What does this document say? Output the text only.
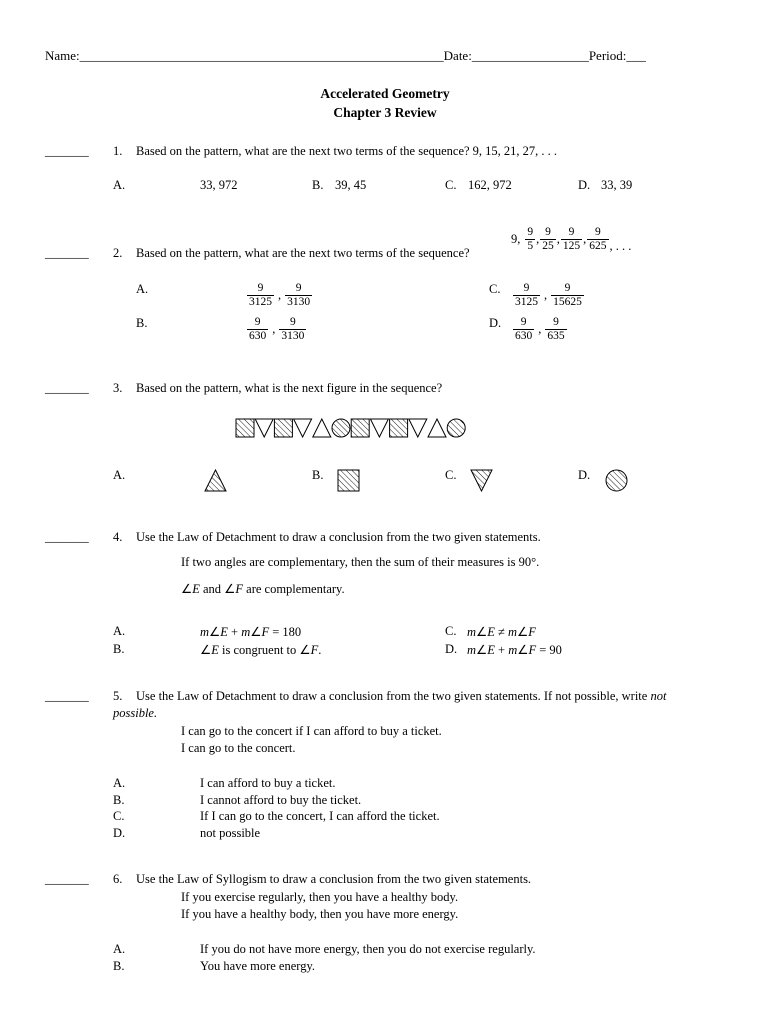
Name:________________________________________________________Date:__________________Period:___
Accelerated Geometry
Chapter 3 Review
_______ 1. Based on the pattern, what are the next two terms of the sequence? 9, 15, 21, 27, . . .
A.	33, 972	B. 39, 45	C. 162, 972	D. 33, 39
_______ 2. Based on the pattern, what are the next two terms of the sequence?
9, $\frac{9}{5}$ , $\frac{9}{25}$ , $\frac{9}{125}$ , $\frac{9}{625}$ , . . .
A.	$\frac{9}{3125}$ , $\frac{9}{3130}$
B.	$\frac{9}{630}$ , $\frac{9}{3130}$
C. $\frac{9}{3125}$ , $\frac{9}{15625}$
D. $\frac{9}{630}$ , $\frac{9}{635}$
_______ 3. Based on the pattern, what is the next figure in the sequence?
A.	B.	C.	D.
_______ 4. Use the Law of Detachment to draw a conclusion from the two given statements.
If two angles are complementary, then the sum of their measures is 90°.
∠E and ∠F are complementary.
A.	m∠E + m∠F = 180
B.	∠E is congruent to ∠F.
C. m∠E ≠ m∠F
D. m∠E + m∠F = 90
_______ 5. Use the Law of Detachment to draw a conclusion from the two given statements. If not possible, write not
possible.
I can go to the concert if I can afford to buy a ticket.
I can go to the concert.
A.	I can afford to buy a ticket.
B.	I cannot afford to buy the ticket.
C.	If I can go to the concert, I can afford the ticket.
D.	not possible
_______ 6. Use the Law of Syllogism to draw a conclusion from the two given statements.
If you exercise regularly, then you have a healthy body.
If you have a healthy body, then you have more energy.
A.	If you do not have more energy, then you do not exercise regularly.
B.	You have more energy.
